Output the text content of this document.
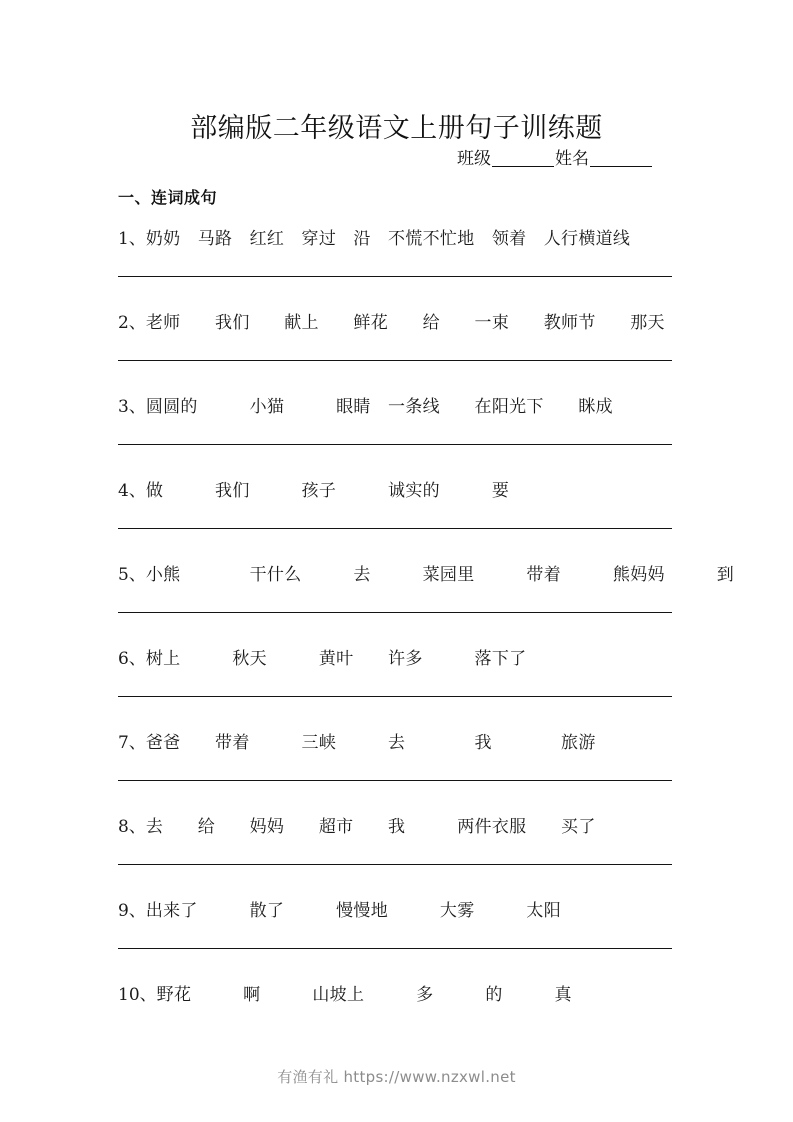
部编版二年级语文上册句子训练题
班级	姓名
一、连词成句
1、奶奶　马路　红红　穿过　沿　不慌不忙地　领着　人行横道线
2、老师　　我们　　献上　　鲜花　　给　　一束　　教师节　　那天
3、圆圆的　　　小猫　　　眼睛　一条线　　在阳光下　　眯成
4、做　　　我们　　　孩子　　　诚实的　　　要
5、小熊　　　　干什么　　　去　　　菜园里　　　带着　　　熊妈妈　　　到
6、树上　　　秋天　　　黄叶　　许多　　　落下了
7、爸爸　　带着　　　三峡　　　去　　　　我　　　　旅游
8、去　　给　　妈妈　　超市　　我　　　两件衣服　　买了
9、出来了　　　散了　　　慢慢地　　　大雾　　　太阳
10、野花　　　啊　　　山坡上　　　多　　　的　　　真
有渔有礼 https://www.nzxwl.net
